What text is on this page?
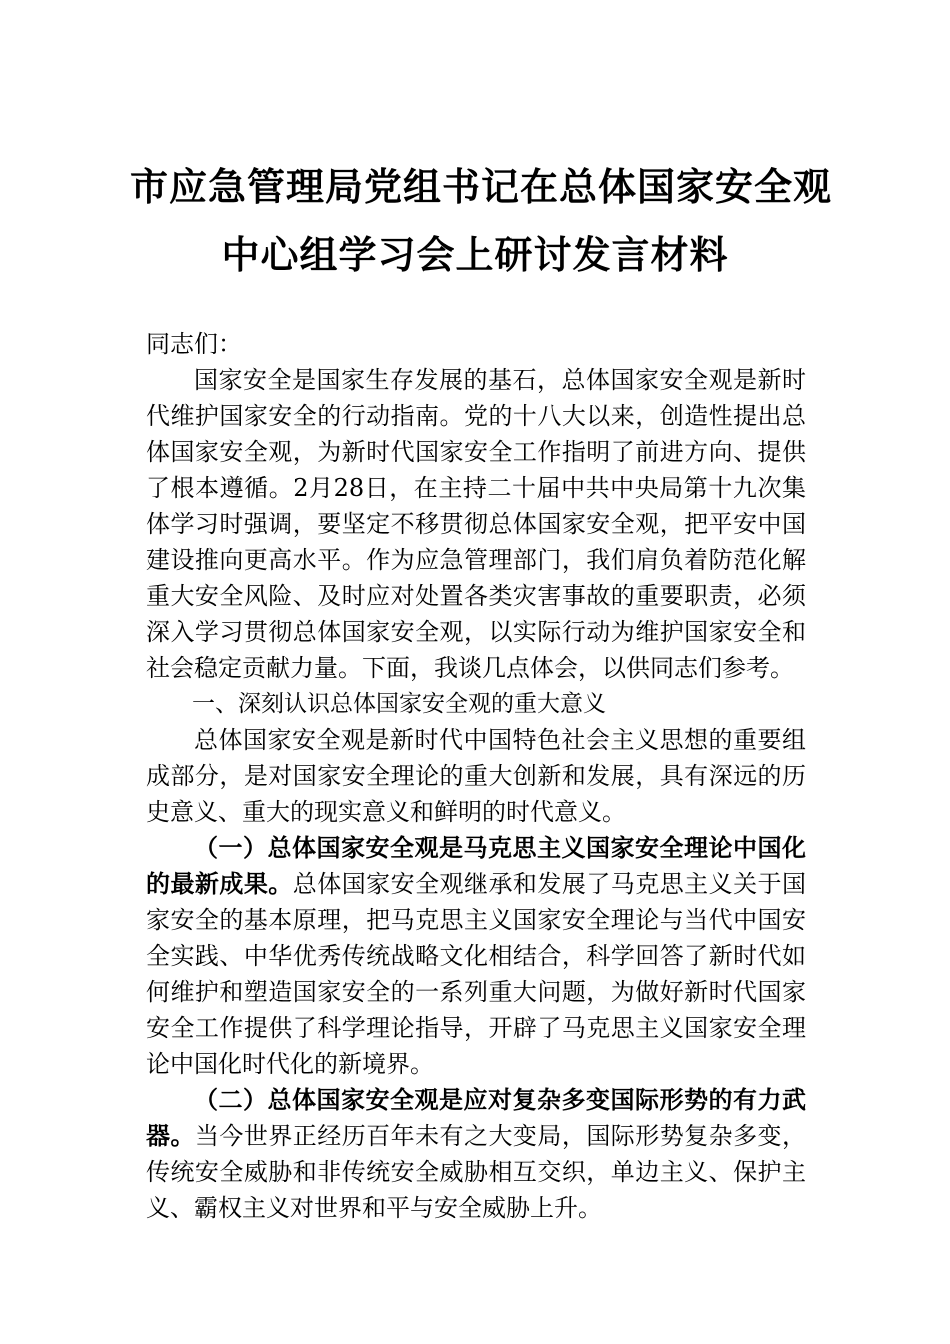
市应急管理局党组书记在总体国家安全观
中心组学习会上研讨发言材料

同志们：

国家安全是国家生存发展的基石，总体国家安全观是新时代维护国家安全的行动指南。党的十八大以来，创造性提出总体国家安全观，为新时代国家安全工作指明了前进方向、提供了根本遵循。2月28日，在主持二十届中共中央局第十九次集体学习时强调，要坚定不移贯彻总体国家安全观，把平安中国建设推向更高水平。作为应急管理部门，我们肩负着防范化解重大安全风险、及时应对处置各类灾害事故的重要职责，必须深入学习贯彻总体国家安全观，以实际行动为维护国家安全和社会稳定贡献力量。下面，我谈几点体会，以供同志们参考。

一、深刻认识总体国家安全观的重大意义

总体国家安全观是新时代中国特色社会主义思想的重要组成部分，是对国家安全理论的重大创新和发展，具有深远的历史意义、重大的现实意义和鲜明的时代意义。

（一）总体国家安全观是马克思主义国家安全理论中国化的最新成果。总体国家安全观继承和发展了马克思主义关于国家安全的基本原理，把马克思主义国家安全理论与当代中国安全实践、中华优秀传统战略文化相结合，科学回答了新时代如何维护和塑造国家安全的一系列重大问题，为做好新时代国家安全工作提供了科学理论指导，开辟了马克思主义国家安全理论中国化时代化的新境界。

（二）总体国家安全观是应对复杂多变国际形势的有力武器。当今世界正经历百年未有之大变局，国际形势复杂多变，传统安全威胁和非传统安全威胁相互交织，单边主义、保护主义、霸权主义对世界和平与安全威胁上升。
